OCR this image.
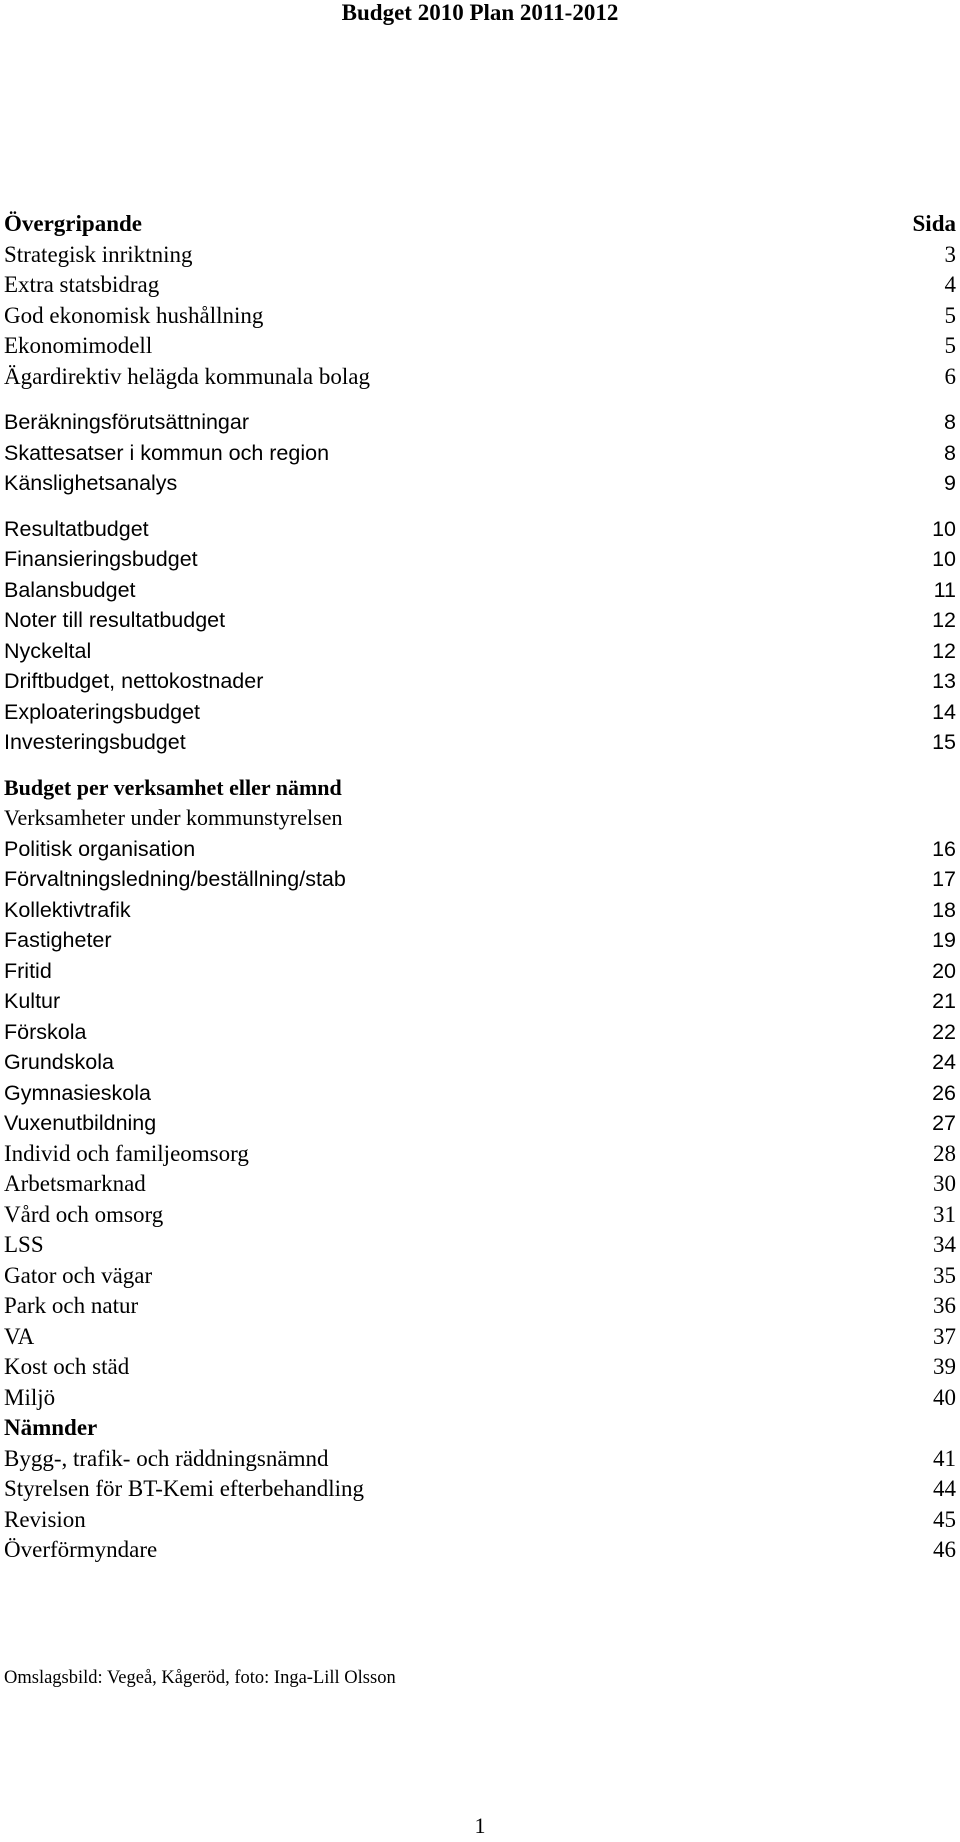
Budget 2010 Plan 2011-2012
Övergripande	Sida
Strategisk inriktning	3
Extra statsbidrag	4
God ekonomisk hushållning	5
Ekonomimodell	5
Ägardirektiv helägda kommunala bolag	6
Beräkningsförutsättningar	8
Skattesatser i kommun och region	8
Känslighetsanalys	9
Resultatbudget	10
Finansieringsbudget	10
Balansbudget	11
Noter till resultatbudget	12
Nyckeltal	12
Driftbudget, nettokostnader	13
Exploateringsbudget	14
Investeringsbudget	15
Budget per verksamhet eller nämnd
Verksamheter under kommunstyrelsen
Politisk organisation	16
Förvaltningsledning/beställning/stab	17
Kollektivtrafik	18
Fastigheter	19
Fritid	20
Kultur	21
Förskola	22
Grundskola	24
Gymnasieskola	26
Vuxenutbildning	27
Individ och familjeomsorg	28
Arbetsmarknad	30
Vård och omsorg	31
LSS	34
Gator och vägar	35
Park och natur	36
VA	37
Kost och städ	39
Miljö	40
Nämnder
Bygg-, trafik- och räddningsnämnd	41
Styrelsen för BT-Kemi efterbehandling	44
Revision	45
Överförmyndare	46
Omslagsbild: Vegeå, Kågeröd, foto: Inga-Lill Olsson
1
